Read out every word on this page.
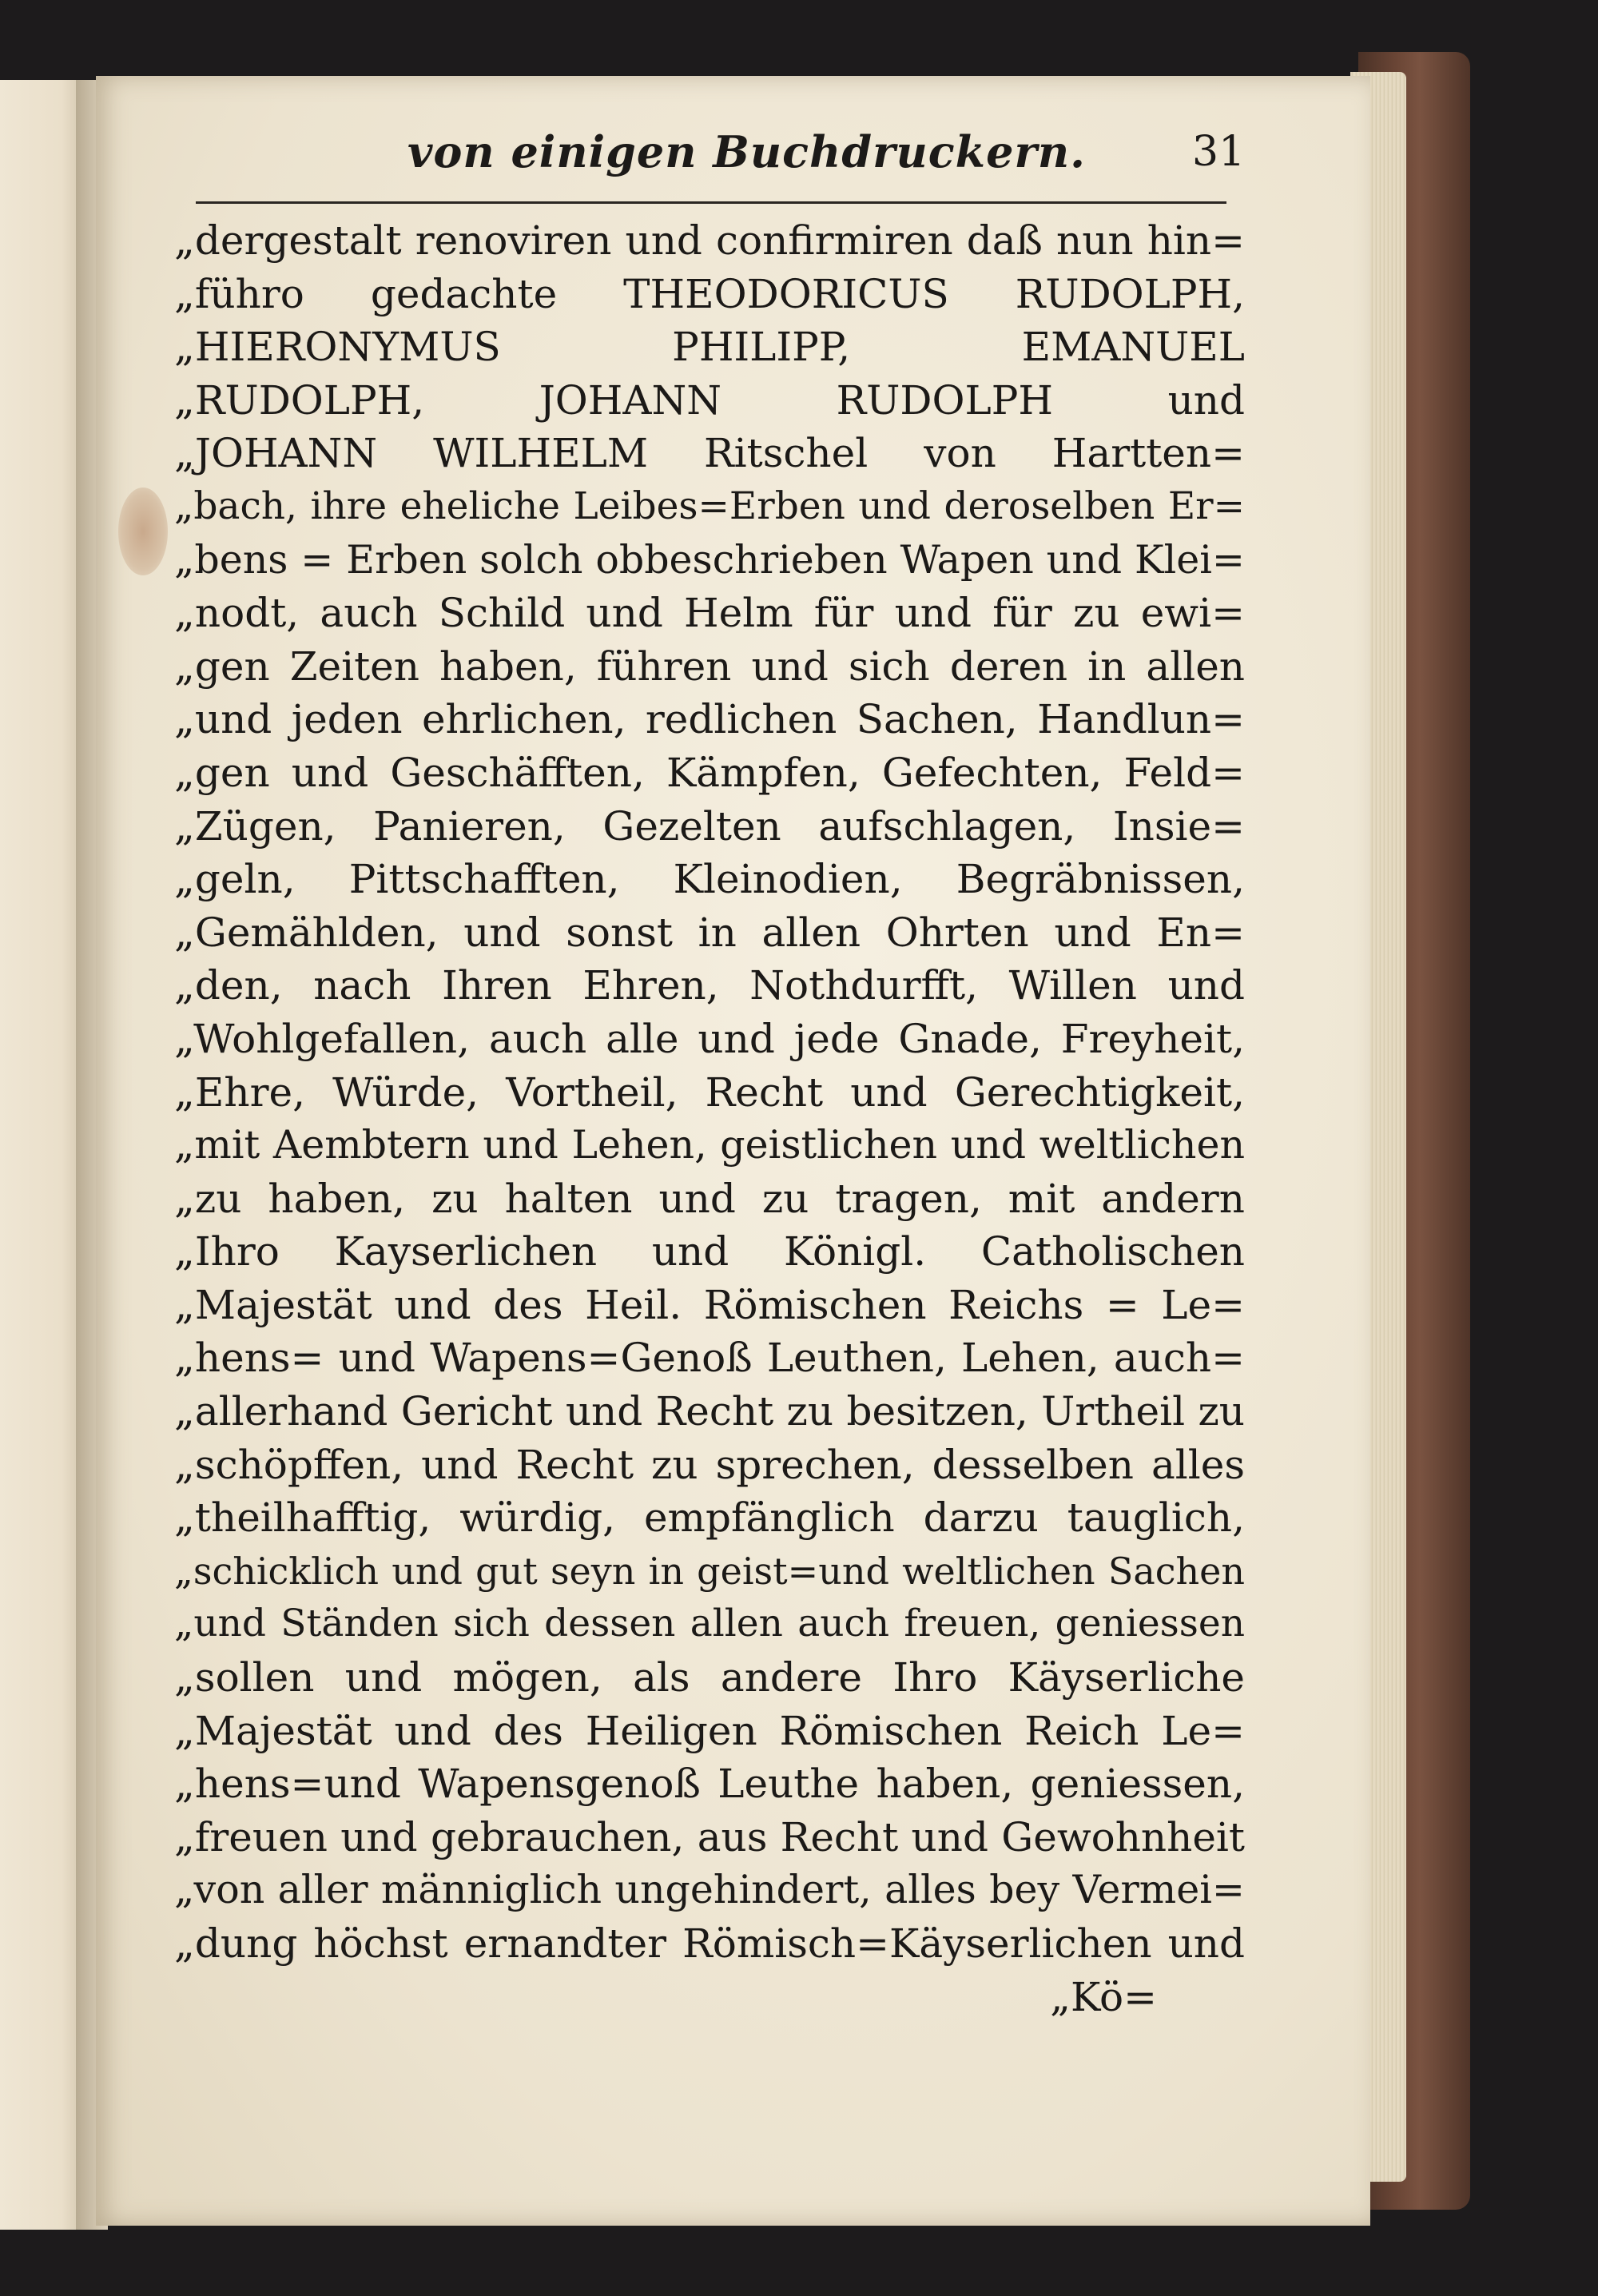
von einigen Buchdruckern.	31
„dergestalt renoviren und confirmiren daß nun hin=
„führo gedachte THEODORICUS RUDOLPH,
„HIERONYMUS PHILIPP, EMANUEL
„RUDOLPH, JOHANN RUDOLPH und
„JOHANN WILHELM Ritschel von Hartten=
„bach, ihre eheliche Leibes=Erben und deroselben Er=
„bens = Erben solch obbeschrieben Wapen und Klei=
„nodt, auch Schild und Helm für und für zu ewi=
„gen Zeiten haben, führen und sich deren in allen
„und jeden ehrlichen, redlichen Sachen, Handlun=
„gen und Geschäfften, Kämpfen, Gefechten, Feld=
„Zügen, Panieren, Gezelten aufschlagen, Insie=
„geln, Pittschafften, Kleinodien, Begräbnissen,
„Gemählden, und sonst in allen Ohrten und En=
„den, nach Ihren Ehren, Nothdurfft, Willen und
„Wohlgefallen, auch alle und jede Gnade, Freyheit,
„Ehre, Würde, Vortheil, Recht und Gerechtigkeit,
„mit Aembtern und Lehen, geistlichen und weltlichen
„zu haben, zu halten und zu tragen, mit andern
„Ihro Kayserlichen und Königl. Catholischen
„Majestät und des Heil. Römischen Reichs = Le=
„hens= und Wapens=Genoß Leuthen, Lehen, auch=
„allerhand Gericht und Recht zu besitzen, Urtheil zu
„schöpffen, und Recht zu sprechen, desselben alles
„theilhafftig, würdig, empfänglich darzu tauglich,
„schicklich und gut seyn in geist=und weltlichen Sachen
„und Ständen sich dessen allen auch freuen, geniessen
„sollen und mögen, als andere Ihro Käyserliche
„Majestät und des Heiligen Römischen Reich Le=
„hens=und Wapensgenoß Leuthe haben, geniessen,
„freuen und gebrauchen, aus Recht und Gewohnheit
„von aller männiglich ungehindert, alles bey Vermei=
„dung höchst ernandter Römisch=Käyserlichen und
„Kö=
